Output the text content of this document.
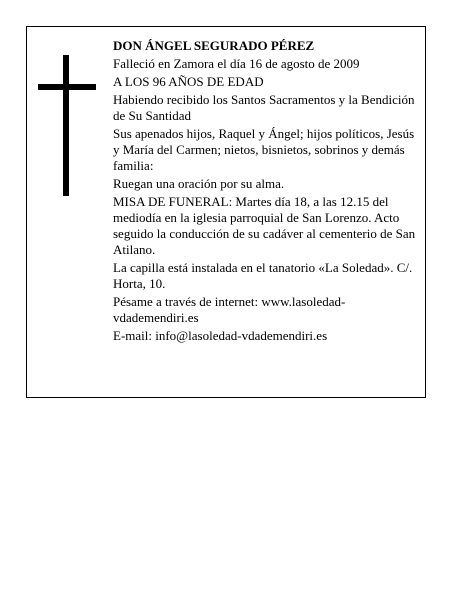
DON ÁNGEL SEGURADO PÉREZ

Falleció en Zamora el día 16 de agosto de 2009

A LOS 96 AÑOS DE EDAD

Habiendo recibido los Santos Sacramentos y la Bendición de Su Santidad

Sus apenados hijos, Raquel y Ángel; hijos políticos, Jesús y María del Carmen; nietos, bisnietos, sobrinos y demás familia:

Ruegan una oración por su alma.

MISA DE FUNERAL: Martes día 18, a las 12.15 del mediodía en la iglesia parroquial de San Lorenzo. Acto seguido la conducción de su cadáver al cementerio de San Atilano.

La capilla está instalada en el tanatorio «La Soledad». C/. Horta, 10.

Pésame a través de internet: www.lasoledad-vdademendiri.es

E-mail: info@lasoledad-vdademendiri.es
